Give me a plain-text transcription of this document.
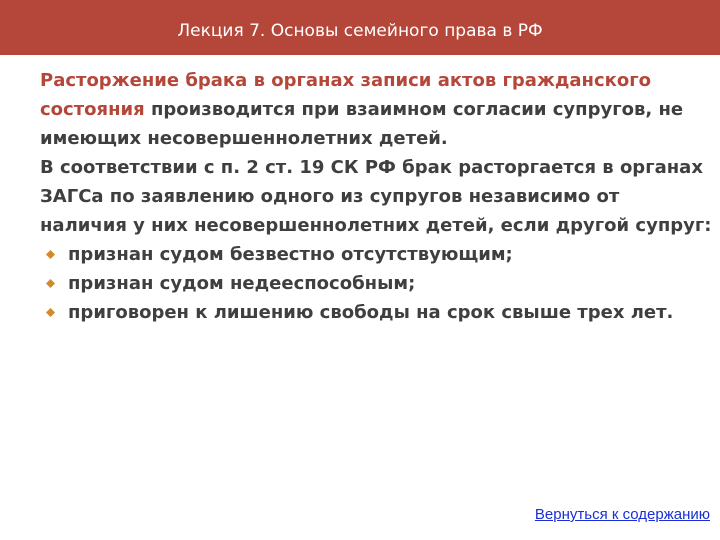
Лекция 7. Основы семейного права в РФ

Расторжение брака в органах записи актов гражданского состояния производится при взаимном согласии супругов, не имеющих несовершеннолетних детей.

В соответствии с п. 2 ст. 19 СК РФ брак расторгается в органах ЗАГСа по заявлению одного из супругов независимо от наличия у них несовершеннолетних детей, если другой супруг:

признан судом безвестно отсутствующим;
признан судом недееспособным;
приговорен к лишению свободы на срок свыше трех лет.
Вернуться к содержанию
